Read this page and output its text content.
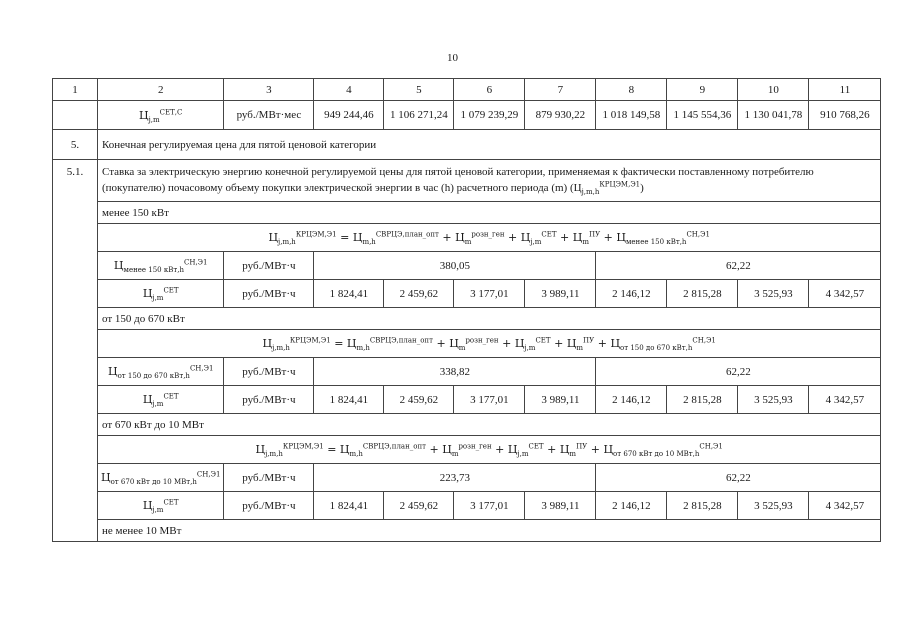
10
1	2	3	4	5	6	7	8	9	10	11
	$Ц_{j,m}^{СЕТ,С}$	руб./МВт·мес	949 244,46	1 106 271,24	1 079 239,29	879 930,22	1 018 149,58	1 145 554,36	1 130 041,78	910 768,26
5.	Конечная регулируемая цена для пятой ценовой категории									
5.1.	Ставка за электрическую энергию конечной регулируемой цены для пятой ценовой категории, применяемая к фактически поставленному потребителю (покупателю) почасовому объему покупки электрической энергии в час (h) расчетного периода (m) $(Ц_{j,m,h}^{КРЦЭМ,Э1})$									
	менее 150 кВт									
	$Ц_{j,m,h}^{КРЦЭМ,Э1} = Ц_{m,h}^{СВРЦЭ,план\_опт} + Ц_m^{розн\_ген} + Ц_{j,m}^{СЕТ} + Ц_m^{ПУ} + Ц_{менее 150 кВт,h}^{СН,Э1}$
	$Ц_{менее 150 кВт,h}^{СН,Э1}$	руб./МВт·ч	380,05				62,22			
	$Ц_{j,m}^{СЕТ}$	руб./МВт·ч	1 824,41	2 459,62	3 177,01	3 989,11	2 146,12	2 815,28	3 525,93	4 342,57
	от 150 до 670 кВт									
	$Ц_{j,m,h}^{КРЦЭМ,Э1} = Ц_{m,h}^{СВРЦЭ,план\_опт} + Ц_m^{розн\_ген} + Ц_{j,m}^{СЕТ} + Ц_m^{ПУ} + Ц_{от 150 до 670 кВт,h}^{СН,Э1}$
	$Ц_{от 150 до 670 кВт,h}^{СН,Э1}$	руб./МВт·ч	338,82				62,22			
	$Ц_{j,m}^{СЕТ}$	руб./МВт·ч	1 824,41	2 459,62	3 177,01	3 989,11	2 146,12	2 815,28	3 525,93	4 342,57
	от 670 кВт до 10 МВт									
	$Ц_{j,m,h}^{КРЦЭМ,Э1} = Ц_{m,h}^{СВРЦЭ,план\_опт} + Ц_m^{розн\_ген} + Ц_{j,m}^{СЕТ} + Ц_m^{ПУ} + Ц_{от 670 кВт до 10 МВт,h}^{СН,Э1}$
	$Ц_{от 670 кВт до 10 МВт,h}^{СН,Э1}$	руб./МВт·ч	223,73				62,22			
	$Ц_{j,m}^{СЕТ}$	руб./МВт·ч	1 824,41	2 459,62	3 177,01	3 989,11	2 146,12	2 815,28	3 525,93	4 342,57
	не менее 10 МВт									
